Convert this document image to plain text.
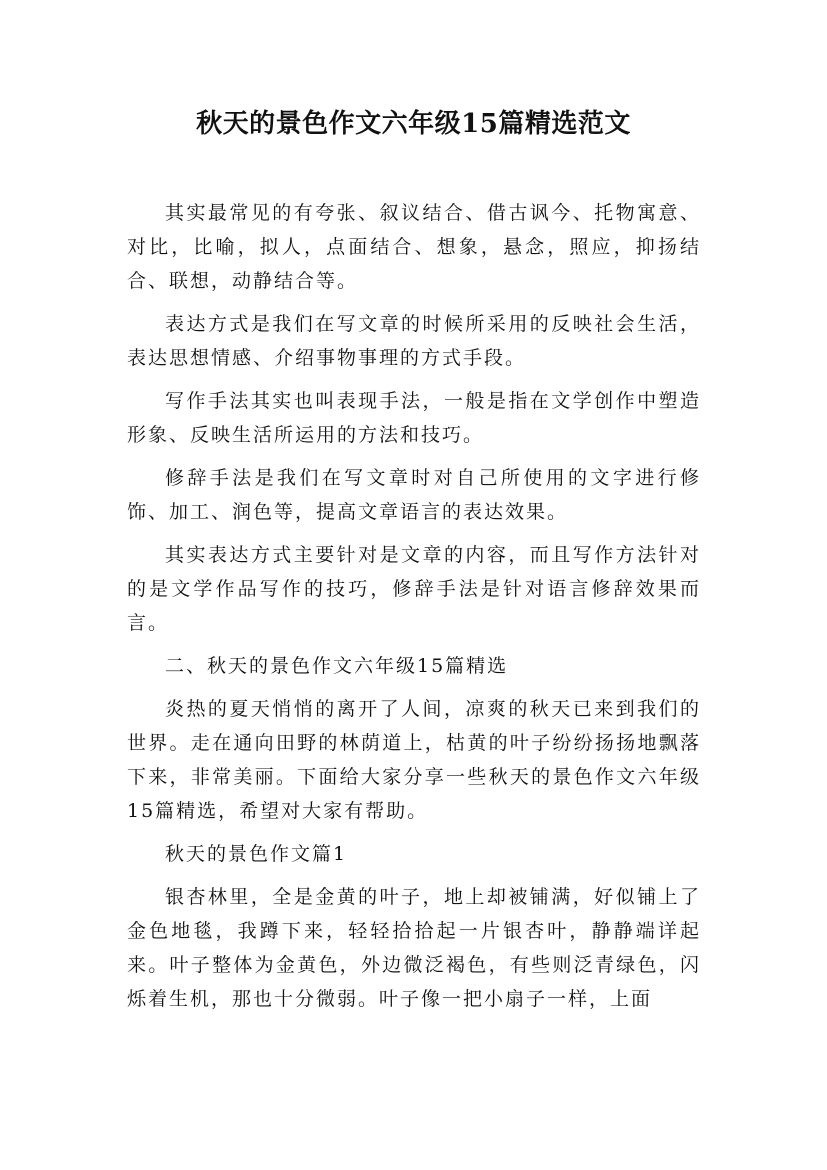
秋天的景色作文六年级15篇精选范文

其实最常见的有夸张、叙议结合、借古讽今、托物寓意、对比，比喻，拟人，点面结合、想象，悬念，照应，抑扬结合、联想，动静结合等。

表达方式是我们在写文章的时候所采用的反映社会生活，表达思想情感、介绍事物事理的方式手段。

写作手法其实也叫表现手法，一般是指在文学创作中塑造形象、反映生活所运用的方法和技巧。

修辞手法是我们在写文章时对自己所使用的文字进行修饰、加工、润色等，提高文章语言的表达效果。

其实表达方式主要针对是文章的内容，而且写作方法针对的是文学作品写作的技巧，修辞手法是针对语言修辞效果而言。

二、秋天的景色作文六年级15篇精选

炎热的夏天悄悄的离开了人间，凉爽的秋天已来到我们的世界。走在通向田野的林荫道上，枯黄的叶子纷纷扬扬地飘落下来，非常美丽。下面给大家分享一些秋天的景色作文六年级15篇精选，希望对大家有帮助。

秋天的景色作文篇1

银杏林里，全是金黄的叶子，地上却被铺满，好似铺上了金色地毯，我蹲下来，轻轻拾拾起一片银杏叶，静静端详起来。叶子整体为金黄色，外边微泛褐色，有些则泛青绿色，闪烁着生机，那也十分微弱。叶子像一把小扇子一样，上面
